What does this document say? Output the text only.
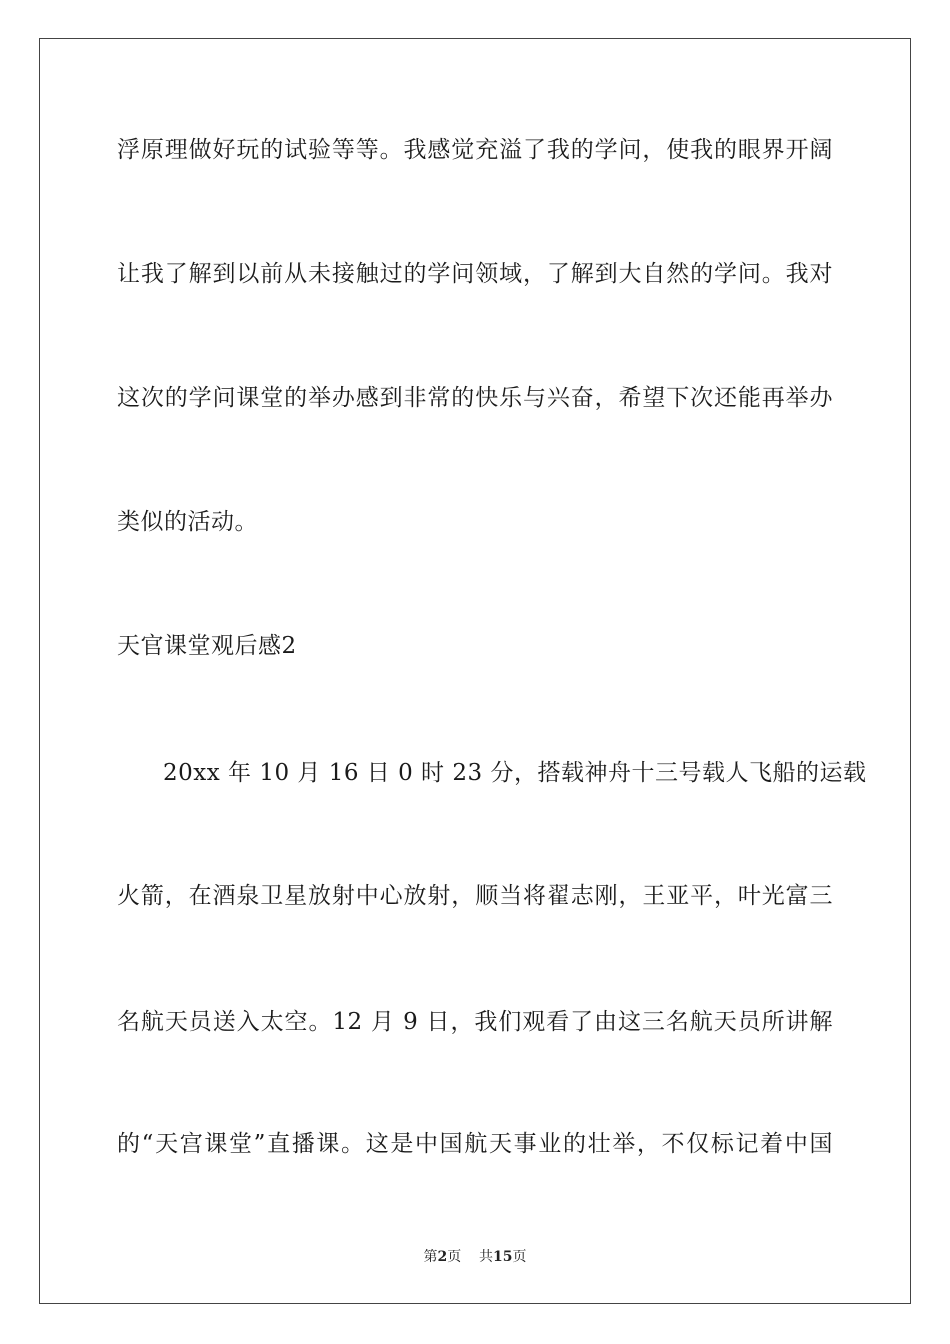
浮原理做好玩的试验等等。我感觉充溢了我的学问，使我的眼界开阔
让我了解到以前从未接触过的学问领域，了解到大自然的学问。我对
这次的学问课堂的举办感到非常的快乐与兴奋，希望下次还能再举办
类似的活动。
天官课堂观后感2
20xx 年 10 月 16 日 0 时 23 分，搭载神舟十三号载人飞船的运载
火箭，在酒泉卫星放射中心放射，顺当将翟志刚，王亚平，叶光富三
名航天员送入太空。12 月 9 日，我们观看了由这三名航天员所讲解
的“天宫课堂”直播课。这是中国航天事业的壮举，不仅标记着中国
第2页 共15页
